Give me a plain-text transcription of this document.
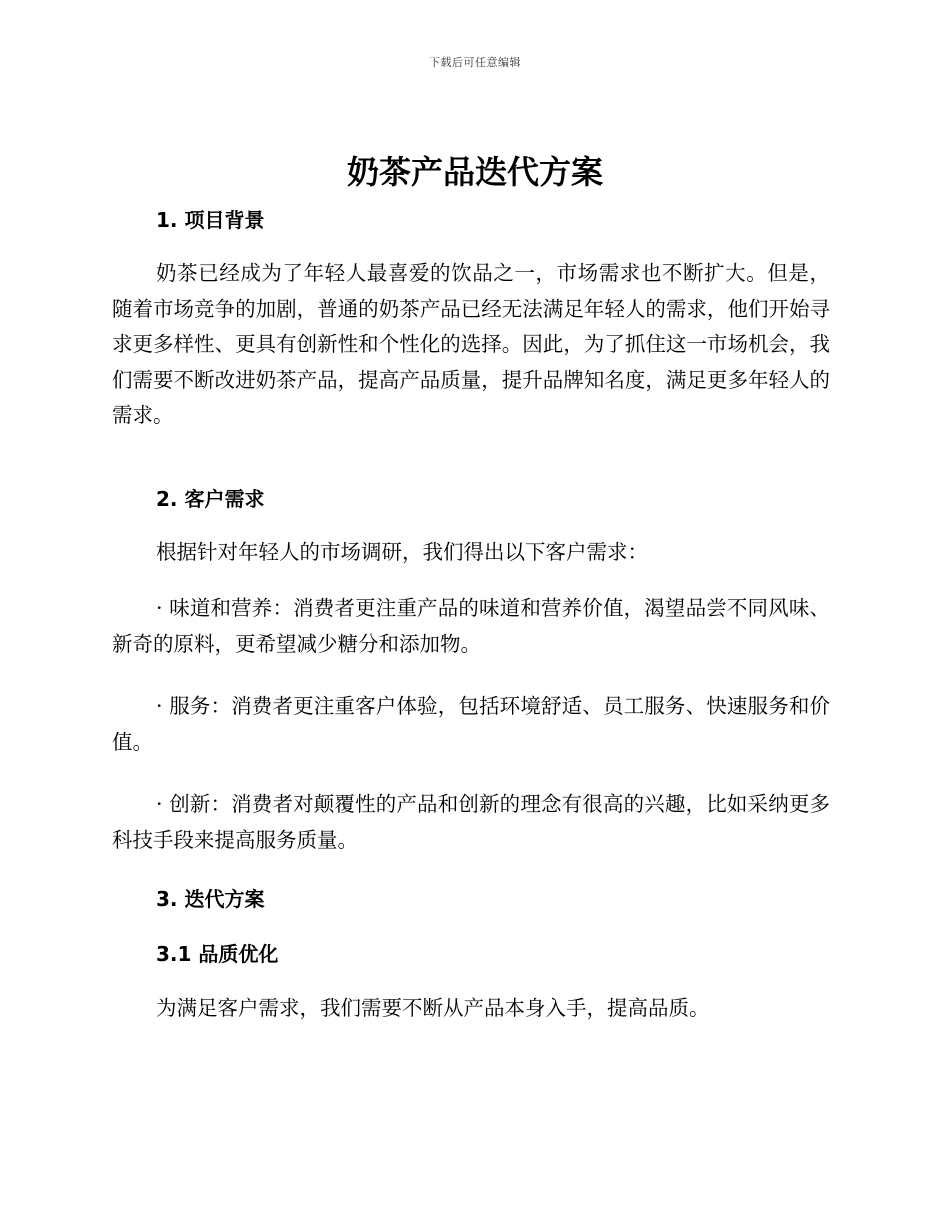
下载后可任意编辑
奶茶产品迭代方案
1. 项目背景

奶茶已经成为了年轻人最喜爱的饮品之一，市场需求也不断扩大。但是，随着市场竞争的加剧，普通的奶茶产品已经无法满足年轻人的需求，他们开始寻求更多样性、更具有创新性和个性化的选择。因此，为了抓住这一市场机会，我们需要不断改进奶茶产品，提高产品质量，提升品牌知名度，满足更多年轻人的需求。

2. 客户需求

根据针对年轻人的市场调研，我们得出以下客户需求：

· 味道和营养：消费者更注重产品的味道和营养价值，渴望品尝不同风味、新奇的原料，更希望减少糖分和添加物。

· 服务：消费者更注重客户体验，包括环境舒适、员工服务、快速服务和价值。

· 创新：消费者对颠覆性的产品和创新的理念有很高的兴趣，比如采纳更多科技手段来提高服务质量。

3. 迭代方案
3.1 品质优化

为满足客户需求，我们需要不断从产品本身入手，提高品质。
